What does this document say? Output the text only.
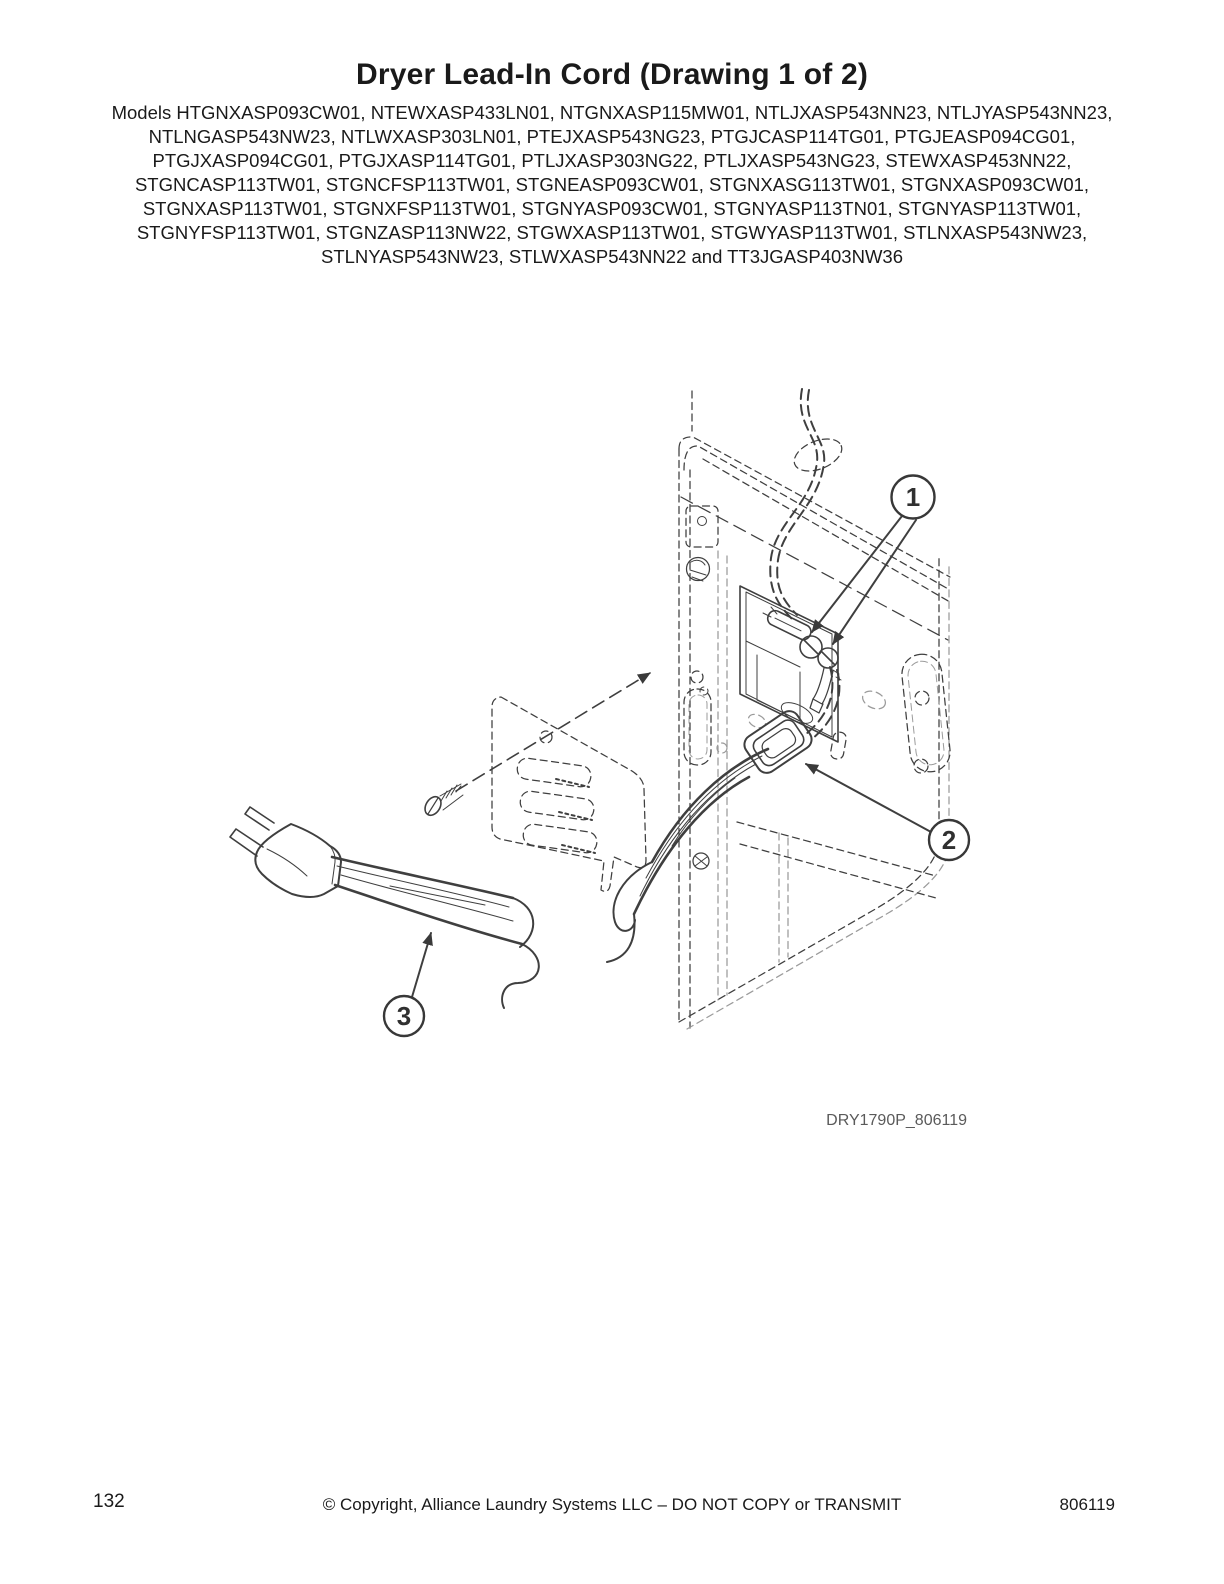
Dryer Lead-In Cord (Drawing 1 of 2)
Models HTGNXASP093CW01, NTEWXASP433LN01, NTGNXASP115MW01, NTLJXASP543NN23, NTLJYASP543NN23,
NTLNGASP543NW23, NTLWXASP303LN01, PTEJXASP543NG23, PTGJCASP114TG01, PTGJEASP094CG01,
PTGJXASP094CG01, PTGJXASP114TG01, PTLJXASP303NG22, PTLJXASP543NG23, STEWXASP453NN22,
STGNCASP113TW01, STGNCFSP113TW01, STGNEASP093CW01, STGNXASG113TW01, STGNXASP093CW01,
STGNXASP113TW01, STGNXFSP113TW01, STGNYASP093CW01, STGNYASP113TN01, STGNYASP113TW01,
STGNYFSP113TW01, STGNZASP113NW22, STGWXASP113TW01, STGWYASP113TW01, STLNXASP543NW23,
STLNYASP543NW23, STLWXASP543NN22 and TT3JGASP403NW36
1
2
3
DRY1790P_806119
132	© Copyright, Alliance Laundry Systems LLC – DO NOT COPY or TRANSMIT	806119
